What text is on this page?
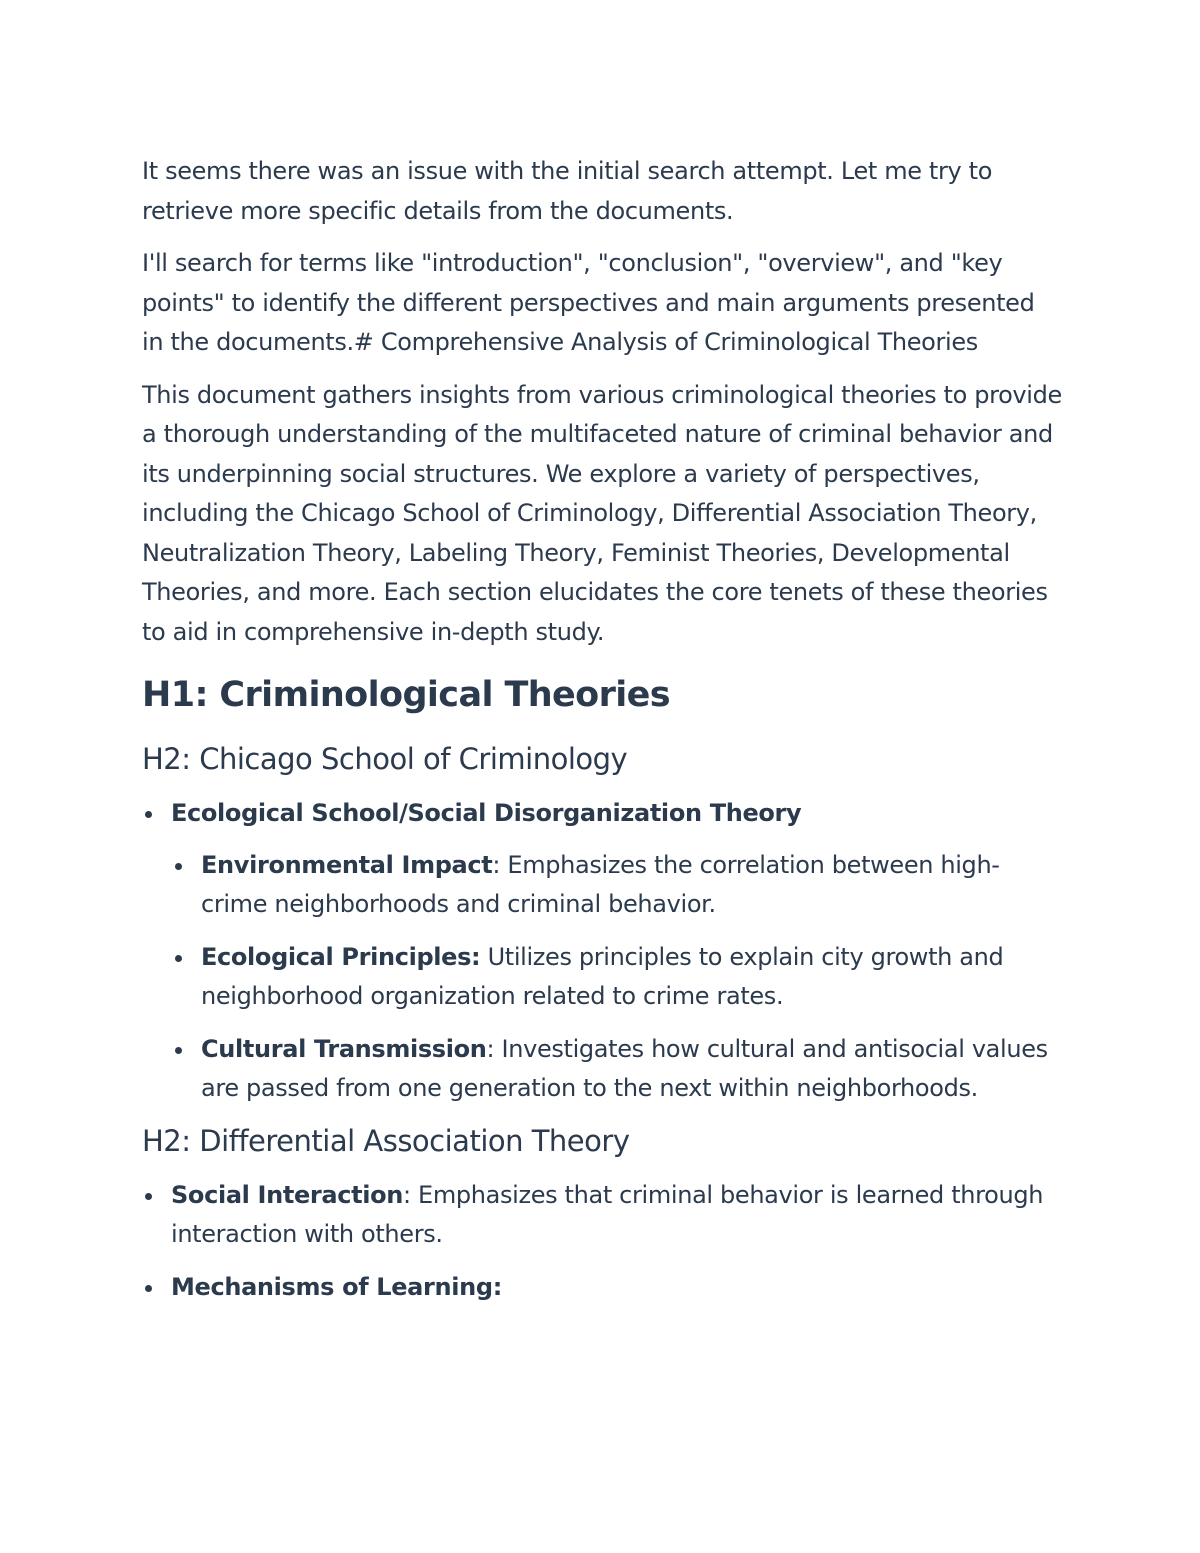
It seems there was an issue with the initial search attempt. Let me try to retrieve more specific details from the documents.

I'll search for terms like "introduction", "conclusion", "overview", and "key points" to identify the different perspectives and main arguments presented in the documents.# Comprehensive Analysis of Criminological Theories

This document gathers insights from various criminological theories to provide a thorough understanding of the multifaceted nature of criminal behavior and its underpinning social structures. We explore a variety of perspectives, including the Chicago School of Criminology, Differential Association Theory, Neutralization Theory, Labeling Theory, Feminist Theories, Developmental Theories, and more. Each section elucidates the core tenets of these theories to aid in comprehensive in-depth study.

H1: Criminological Theories
H2: Chicago School of Criminology
Ecological School/Social Disorganization Theory
Environmental Impact: Emphasizes the correlation between high-crime neighborhoods and criminal behavior.
Ecological Principles: Utilizes principles to explain city growth and neighborhood organization related to crime rates.
Cultural Transmission: Investigates how cultural and antisocial values are passed from one generation to the next within neighborhoods.
H2: Differential Association Theory
Social Interaction: Emphasizes that criminal behavior is learned through interaction with others.
Mechanisms of Learning:
